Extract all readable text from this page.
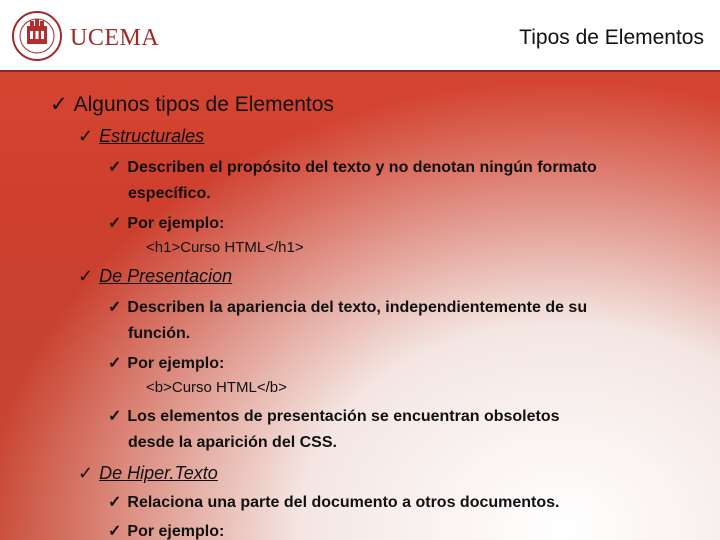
UCEMA	Tipos de Elementos
✓ Algunos tipos de Elementos
✓ Estructurales
✓ Describen el propósito del texto y no denotan ningún formato
específico.
✓ Por ejemplo:
<h1>Curso HTML</h1>
✓ De Presentacion
✓ Describen la apariencia del texto, independientemente de su
función.
✓ Por ejemplo:
<b>Curso HTML</b>
✓ Los elementos de presentación se encuentran obsoletos
desde la aparición del CSS.
✓ De Hiper.Texto
✓ Relaciona una parte del documento a otros documentos.
✓ Por ejemplo:
